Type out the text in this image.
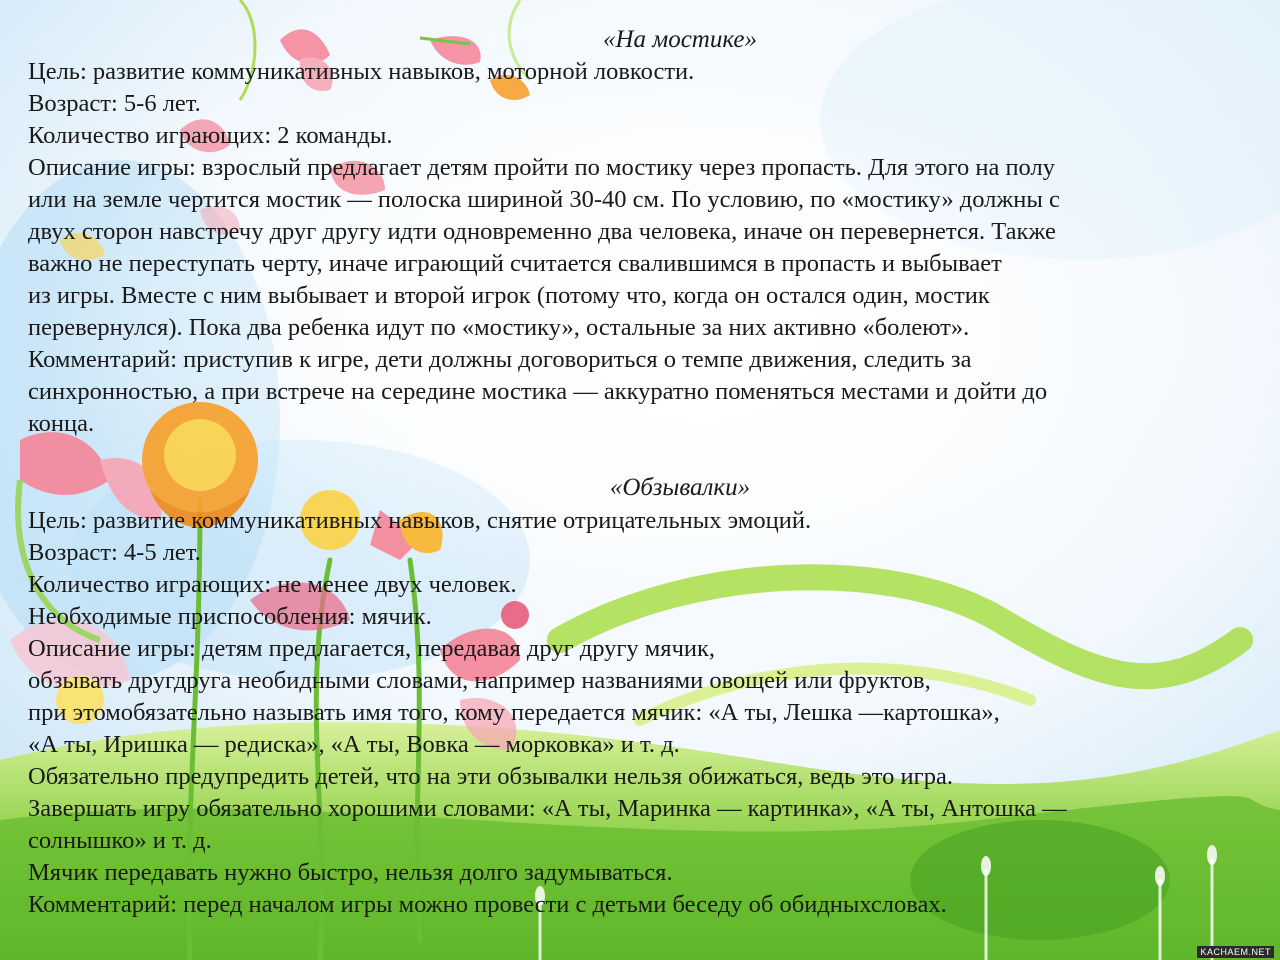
«На мостике»

Цель: развитие коммуникативных навыков, моторной ловкости.

Возраст: 5-6 лет.

Количество играющих: 2 команды.

Описание игры: взрослый предлагает детям пройти по мостику через пропасть. Для этого на полу

или на земле чертится мостик — полоска шириной 30-40 см. По условию, по «мостику» должны с

двух сторон навстречу друг другу идти одновременно два человека, иначе он перевернется. Также

важно не переступать черту, иначе играющий считается свалившимся в пропасть и выбывает

из игры. Вместе с ним выбывает и второй игрок (потому что, когда он остался один, мостик

перевернулся). Пока два ребенка идут по «мостику», остальные за них активно «болеют».

Комментарий: приступив к игре, дети должны договориться о темпе движения, следить за

синхронностью, а при встрече на середине мостика — аккуратно поменяться местами и дойти до

конца.

«Обзывалки»

Цель: развитие коммуникативных навыков, снятие отрицательных эмоций.

Возраст: 4-5 лет.

Количество играющих: не менее двух человек.

Необходимые приспособления: мячик.

Описание игры: детям предлагается, передавая друг другу мячик,

обзывать другдруга необидными словами, например названиями овощей или фруктов,

при этомобязательно называть имя того, кому передается мячик: «А ты, Лешка —картошка»,

«А ты, Иришка — редиска», «А ты, Вовка — морковка» и т. д.

Обязательно предупредить детей, что на эти обзывалки нельзя обижаться, ведь это игра.

Завершать игру обязательно хорошими словами: «А ты, Маринка — картинка», «А ты, Антошка —

солнышко» и т. д.

Мячик передавать нужно быстро, нельзя долго задумываться.

Комментарий: перед началом игры можно провести с детьми беседу об обидныхсловах.

KACHAEM.NET
